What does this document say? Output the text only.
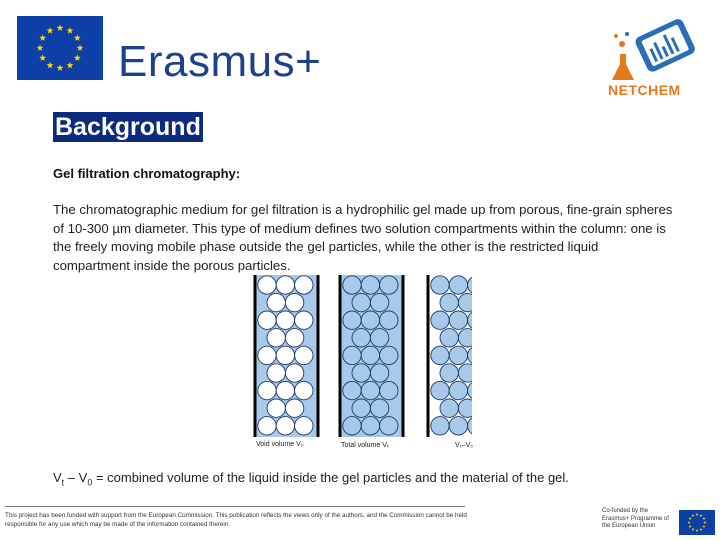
Erasmus+
NETCHEM
Background
Gel filtration chromatography:
The chromatographic medium for gel filtration is a hydrophilic gel made up from porous, fine-grain spheres of 10-300 µm diameter. This type of medium defines two solution compartments within the column: one is the freely moving mobile phase outside the gel particles, while the other is the restricted liquid compartment inside the porous particles.
Void volume V₀	Total volume Vₜ	Vₜ–V₀
$V_t - V_0$ = combined volume of the liquid inside the gel particles and the material of the gel.
This project has been funded with support from the European Commission. This publication reflects the views only of the authors, and the Commission cannot be held responsible for any use which may be made of the information contained therein.
Co-funded by the Erasmus+ Programme of the European Union
